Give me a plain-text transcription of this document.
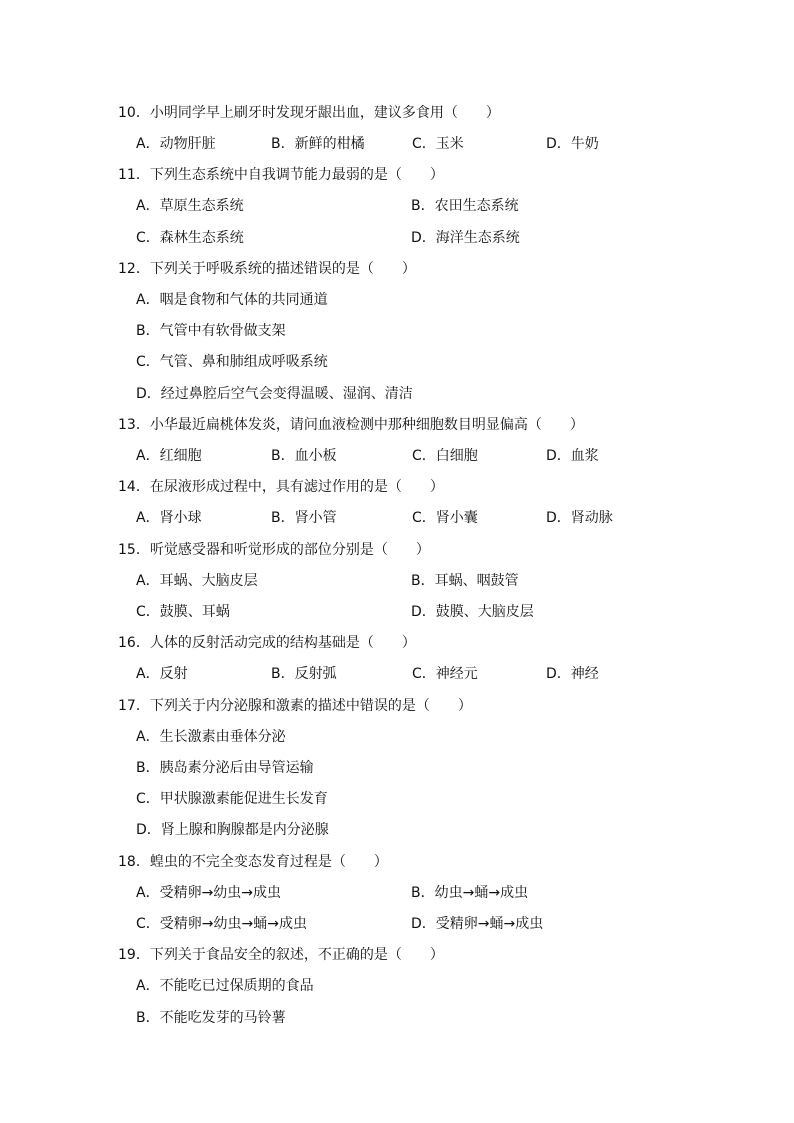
10．小明同学早上刷牙时发现牙龈出血，建议多食用（　　）
A．动物肝脏	B．新鲜的柑橘	C．玉米	D．牛奶
11．下列生态系统中自我调节能力最弱的是（　　）
A．草原生态系统	B．农田生态系统
C．森林生态系统	D．海洋生态系统
12．下列关于呼吸系统的描述错误的是（　　）
A．咽是食物和气体的共同通道
B．气管中有软骨做支架
C．气管、鼻和肺组成呼吸系统
D．经过鼻腔后空气会变得温暖、湿润、清洁
13．小华最近扁桃体发炎，请问血液检测中那种细胞数目明显偏高（　　）
A．红细胞	B．血小板	C．白细胞	D．血浆
14．在尿液形成过程中，具有滤过作用的是（　　）
A．肾小球	B．肾小管	C．肾小囊	D．肾动脉
15．听觉感受器和听觉形成的部位分别是（　　）
A．耳蜗、大脑皮层	B．耳蜗、咽鼓管
C．鼓膜、耳蜗	D．鼓膜、大脑皮层
16．人体的反射活动完成的结构基础是（　　）
A．反射	B．反射弧	C．神经元	D．神经
17．下列关于内分泌腺和激素的描述中错误的是（　　）
A．生长激素由垂体分泌
B．胰岛素分泌后由导管运输
C．甲状腺激素能促进生长发育
D．肾上腺和胸腺都是内分泌腺
18．蝗虫的不完全变态发育过程是（　　）
A．受精卵→幼虫→成虫	B．幼虫→蛹→成虫
C．受精卵→幼虫→蛹→成虫	D．受精卵→蛹→成虫
19．下列关于食品安全的叙述，不正确的是（　　）
A．不能吃已过保质期的食品
B．不能吃发芽的马铃薯
